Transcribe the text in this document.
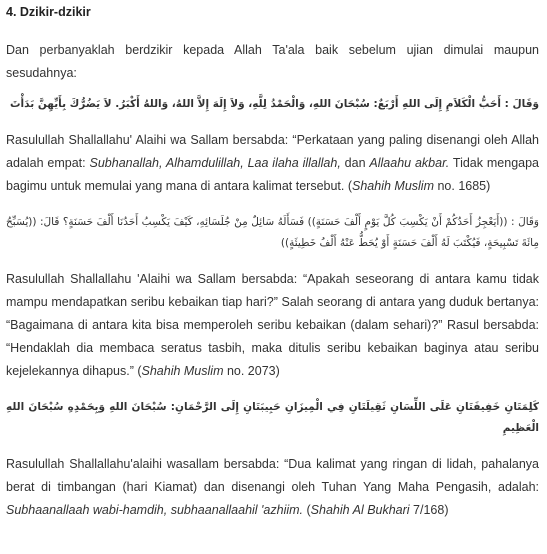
4. Dzikir-dzikir

Dan perbanyaklah berdzikir kepada Allah Ta'ala baik sebelum ujian dimulai maupun sesudahnya:

وَقَالَ : أَحَبُّ الْكَلاَمِ إِلَى اللهِ أَرْبَعٌ: سُبْحَانَ اللهِ، وَالْحَمْدُ لِلَّهِ، وَلاَ إِلَهَ إِلاَّ اللهُ، وَاللهُ أَكْبَرُ. لاَ يَضُرُّكَ بِأَيِّهِنَّ بَدَأْتَ

Rasulullah Shallallahu' Alaihi wa Sallam bersabda: “Perkataan yang paling disenangi oleh Allah adalah empat: Subhanallah, Alhamdulillah, Laa ilaha illallah, dan Allaahu akbar. Tidak mengapa bagimu untuk memulai yang mana di antara kalimat tersebut. (Shahih Muslim no. 1685)

وَقَالَ : ((أَيَعْجِزُ أَحَدُكُمْ أَنْ يَكْسِبَ كُلَّ يَوْمٍ أَلْفَ حَسَنَةٍ)) فَسَأَلَهُ سَائِلٌ مِنْ جُلَسَائِهِ، كَيْفَ يَكْسِبُ أَحَدُنَا أَلْفَ حَسَنَةٍ؟ قَالَ: ((يُسَبِّحُ مِائَةَ تَسْبِيحَةٍ، فَيُكْتَبَ لَهُ أَلْفَ حَسَنَةٍ أَوْ يُحَطُّ عَنْهُ أَلْفُ خَطِيئَةٍ))

Rasulullah Shallallahu 'Alaihi wa Sallam bersabda: “Apakah seseorang di antara kamu tidak mampu mendapatkan seribu kebaikan tiap hari?” Salah seorang di antara yang duduk bertanya: “Bagaimana di antara kita bisa memperoleh seribu kebaikan (dalam sehari)?” Rasul bersabda: “Hendaklah dia membaca seratus tasbih, maka ditulis seribu kebaikan baginya atau seribu kejelekannya dihapus.” (Shahih Muslim no. 2073)

كَلِمَتَانِ خَفِيفَتَانِ عَلَى اللِّسَانِ ثَقِيلَتَانِ فِي الْمِيزَانِ حَبِيبَتَانِ إِلَى الرَّحْمَانِ: سُبْحَانَ اللهِ وَبِحَمْدِهِ سُبْحَانَ اللهِ الْعَظِيمِ

Rasulullah Shallallahu'alaihi wasallam bersabda: “Dua kalimat yang ringan di lidah, pahalanya berat di timbangan (hari Kiamat) dan disenangi oleh Tuhan Yang Maha Pengasih, adalah: Subhaanallaah wabi-hamdih, subhaanallaahil 'azhiim. (Shahih Al Bukhari 7/168)
